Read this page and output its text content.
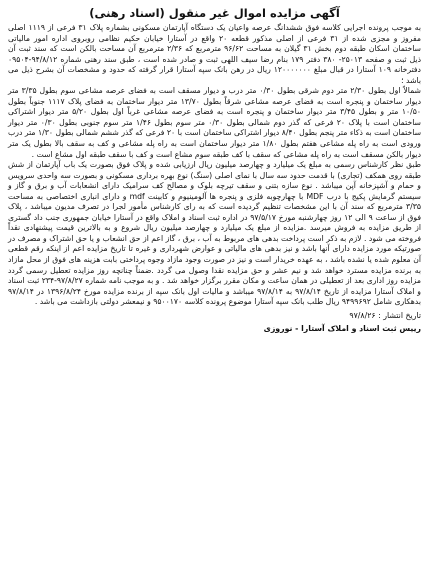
آگهی مزایده اموال غیر منقول (اسناد رهنی)

به موجب پرونده اجرایی کلاسه فوق ششدانگ عرصه واعیان یک دستگاه آپارتمان مسکونی بشماره پلاک ۳۱ فرعی از ۱۱۱۹ اصلی مفروز و مجزی شده از ۳۱ فرعی از اصلی مذکور قطعه ۲۰ واقع در آستارا خیابان حکیم نظامی روبروی اداره امور مالیاتی ساختمان اسکان طبقه دوم بخش ۳۱ گیلان به مساحت ۹۶/۶۲ مترمربع که ۲/۳۶ مترمربع آن مساحت بالکن است که سند ثبت آن ذیل ثبت و صفحه ۲۵۰۱۳- ۳۸۰ دفتر ۱۷۹ بنام رضا سیف اللهی ثبت و صادر شده است ، طبق سند رهنی شماره ۹۴/۸/۱۲-۰۹۵۰۴ دفترخانه ۱۰۹ آستارا در قبال مبلغ ۱۲۰۰۰۰۰۰۰ ریال در رهن بانک سپه آستارا قرار گرفته که حدود و مشخصات آن بشرح ذیل می باشد ؛

شمالاً اول بطول ۲/۳۰ متر دوم شرقی بطول ۰/۳۰ متر درب و دیوار مسقف است به فضای عرصه مشاعی سوم بطول ۳/۳۵ متر دیوار ساختمان و پنجره است به فضای عرصه مشاعی شرقاً بطول ۱۳/۷۰ متر دیوار ساختمان به فضای پلاک ۱۱۱۷ جنوباً بطول ۱۰/۵۰ متر و بطول ۳/۴۵ متر دیوار ساختمان و پنجره است به فضای عرصه مشاعی غرباً اول بطول ۵/۲۰ متر دیوار اشتراکی ساختمان است با پلاک ۲۰ فرعی که گذر دوم شمالی بطول ۰/۳۰ متر سوم بطول ۱/۴۶ متر سوم جنوبی بطول ۰/۳۰ متر دیوار ساختمان است به ذکاء متر پنجم بطول ۸/۴۰ دیوار اشتراکی ساختمان است با ۲۰ فرعی که گذر ششم شمالی بطول ۱/۳۰ متر درب ورودی است به راه پله مشاعی هفتم بطول ۱/۸۰ متر دیوار ساختمان است به راه پله مشاعی و کف به سقف بالا بطول یک متر دیوار بالکن مسقف است به راه پله مشاعی که سقف با کف طبقه سوم مشاع است و کف با سقف طبقه اول مشاع است .

طبق نظر کارشناس رسمی به مبلغ یک میلیارد و چهارصد میلیون ریال ارزیابی شده و پلاک فوق بصورت یک باب آپارتمان از شش طبقه روی همکف (تجاری) با قدمت حدود سه سال با نمای اصلی (سنگ) نوع بهره برداری مسکونی و بصورت سه واحدی سرویس و حمام و آشپزخانه آپن میباشد . نوع سازه بتنی و سقف تیرچه بلوک و مصالح کف سرامیک دارای انشعابات آب و برق و گاز و سیستم گرمایش پکیج با درب MDF با چهارچوبه فلزی و پنجره ها آلومینیوم و کابینت mdf و دارای انباری اختصاصی به مساحت ۳/۳۵ مترمربع که سند آن با این مشخصات تنظیم گردیده است که به رای کارشناس مأمور لجرا در تصرف مدیون میباشد ، پلاک فوق از ساعت ۹ الی ۱۲ روز چهارشنبه مورخ ۹۷/۵/۱۷ در اداره ثبت اسناد و املاک واقع در آستارا خیابان جمهوری جنب داد گستری از طریق مزایده به فروش میرسد .مزایده از مبلغ یک میلیارد و چهارصد میلیون ریال شروع و به بالاترین قیمت پیشنهادی نقداً فروخته می شود . لازم به ذکر است پرداخت بدهی های مربوط به آب ، برق ، گاز اعم از حق انشعاب و یا حق اشتراک و مصرف در صورتیکه مورد مزایده دارای آنها باشد و نیز بدهی های مالیاتی و عوارض شهرداری و غیره تا تاریخ مزایده اعم از اینکه رقم قطعی آن معلوم شده یا نشده باشد ، به عهده خریدار است و نیز در صورت وجود مازاد وجوه پرداختی بابت هزینه های فوق از محل مازاد به برنده مزایده مسترد خواهد شد و نیم عشر و حق مزایده نقدا وصول می گردد .ضمناً چنانچه روز مزایده تعطیل رسمی گردد مزایده روز اداری بعد از تعطیلی در همان ساعت و مکان مقرر برگزار خواهد شد . و به موجب نامه شماره ۹۷/۸/۲۷-۲۳۴ ثبت اسناد و املاک آستارا مزایده از تاریخ ۹۷/۸/۱۴ به ۹۷/۸/۱۴ میباشد و مالیات اول بانک سپه از برنده مزایده مورخ ۱۳۹۶/۸/۲۴ در ۹۷/۸/۱۴ بدهکاری شامل ۹۴۹۹۶۹۲ ریال طلب بانک سپه آستارا موضوع پرونده کلاسه ۹۵۰۰۱۷۰ و نیمعشر دولتی بازداشت می باشد .

تاریخ انتشار : ۹۷/۸/۲۶
رییس ثبت اسناد و املاک آستارا - نوروزی
